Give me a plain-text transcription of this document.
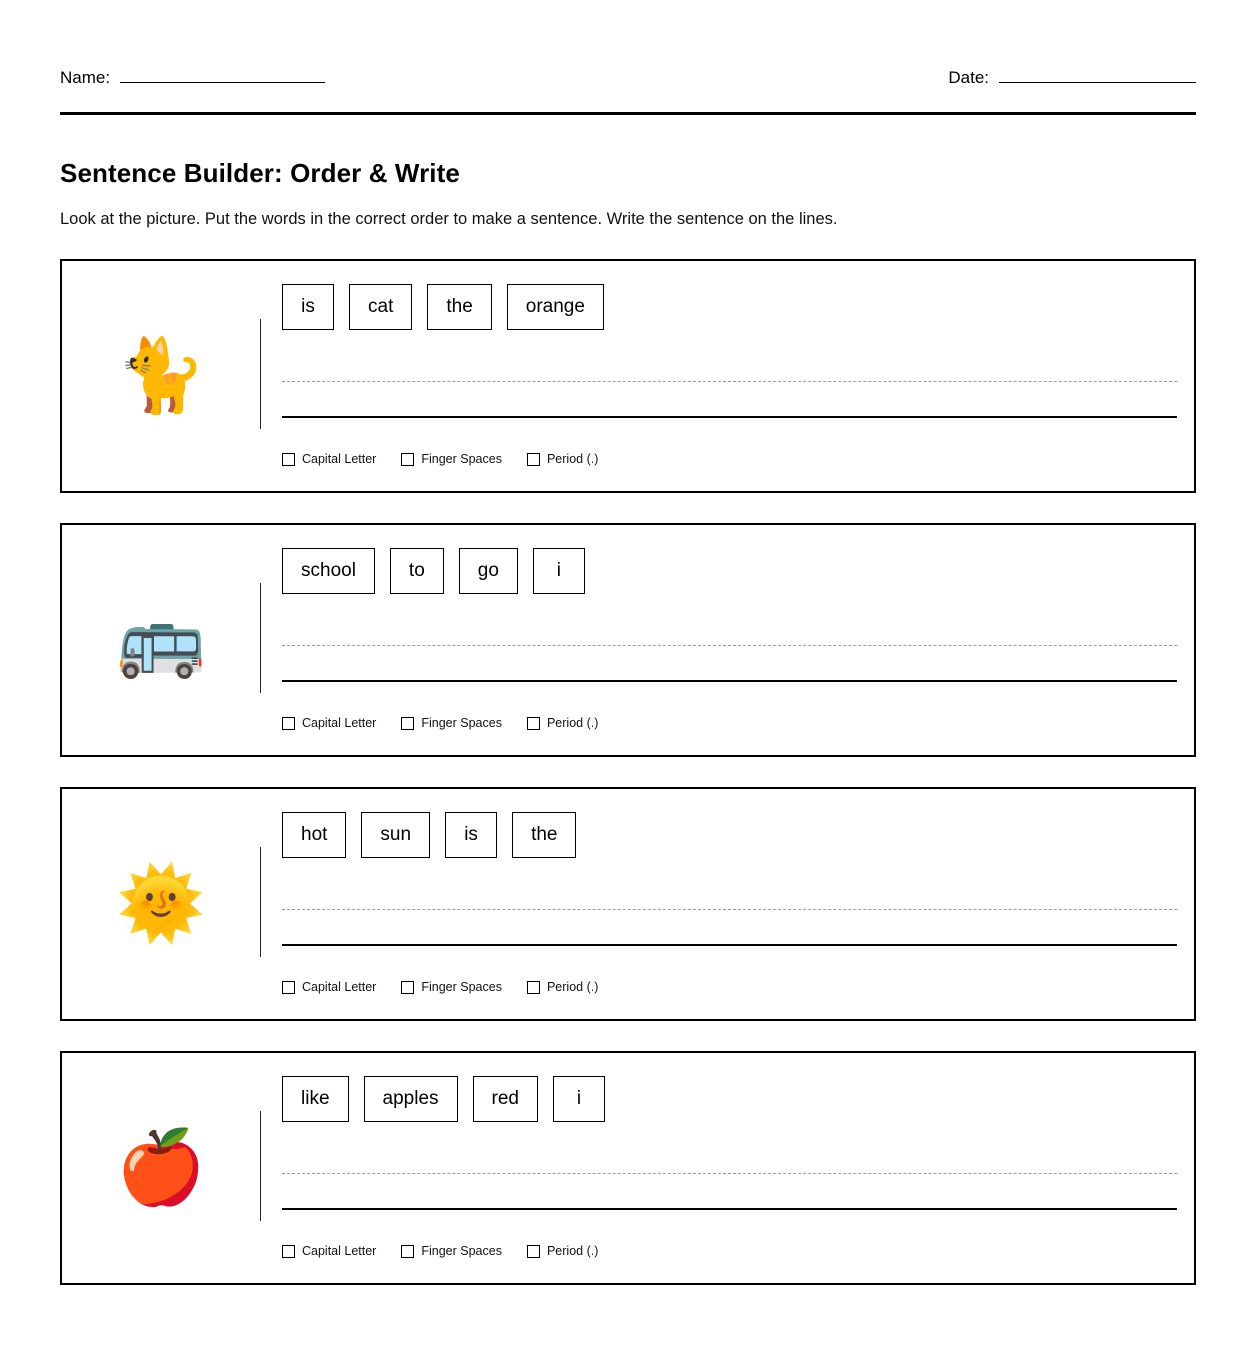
Name:	Date:
Sentence Builder: Order & Write

Look at the picture. Put the words in the correct order to make a sentence. Write the sentence on the lines.

🐈
is	cat	the	orange
Capital Letter	Finger Spaces	Period (.)
🚌
school	to	go	i
Capital Letter	Finger Spaces	Period (.)
🌞
hot	sun	is	the
Capital Letter	Finger Spaces	Period (.)
🍎
like	apples	red	i
Capital Letter	Finger Spaces	Period (.)
